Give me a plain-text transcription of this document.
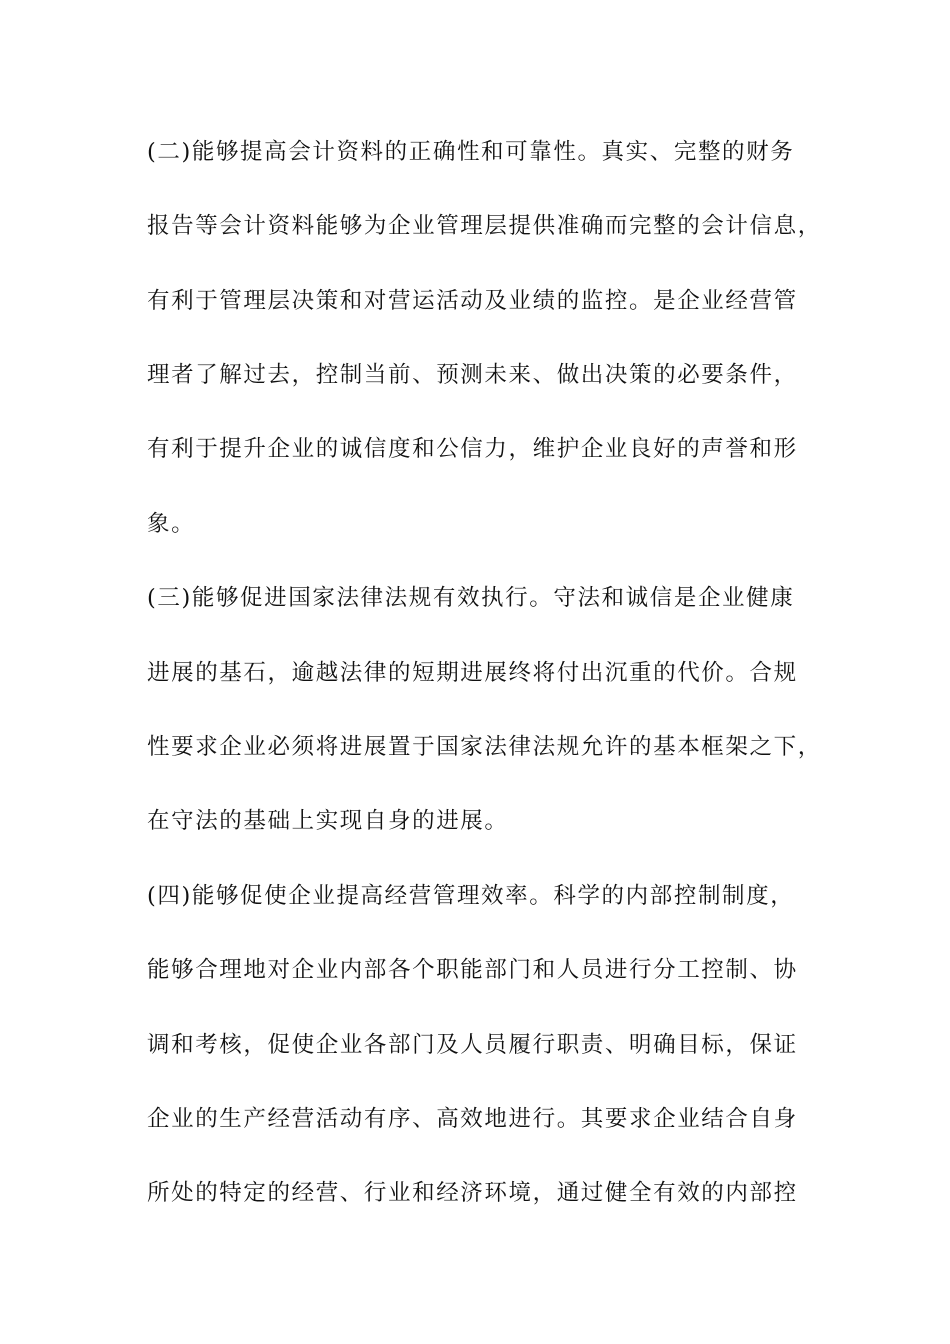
(二)能够提高会计资料的正确性和可靠性。真实、完整的财务
报告等会计资料能够为企业管理层提供准确而完整的会计信息，
有利于管理层决策和对营运活动及业绩的监控。是企业经营管
理者了解过去，控制当前、预测未来、做出决策的必要条件，
有利于提升企业的诚信度和公信力，维护企业良好的声誉和形
象。
(三)能够促进国家法律法规有效执行。守法和诚信是企业健康
进展的基石，逾越法律的短期进展终将付出沉重的代价。合规
性要求企业必须将进展置于国家法律法规允许的基本框架之下，
在守法的基础上实现自身的进展。
(四)能够促使企业提高经营管理效率。科学的内部控制制度，
能够合理地对企业内部各个职能部门和人员进行分工控制、协
调和考核，促使企业各部门及人员履行职责、明确目标，保证
企业的生产经营活动有序、高效地进行。其要求企业结合自身
所处的特定的经营、行业和经济环境，通过健全有效的内部控
